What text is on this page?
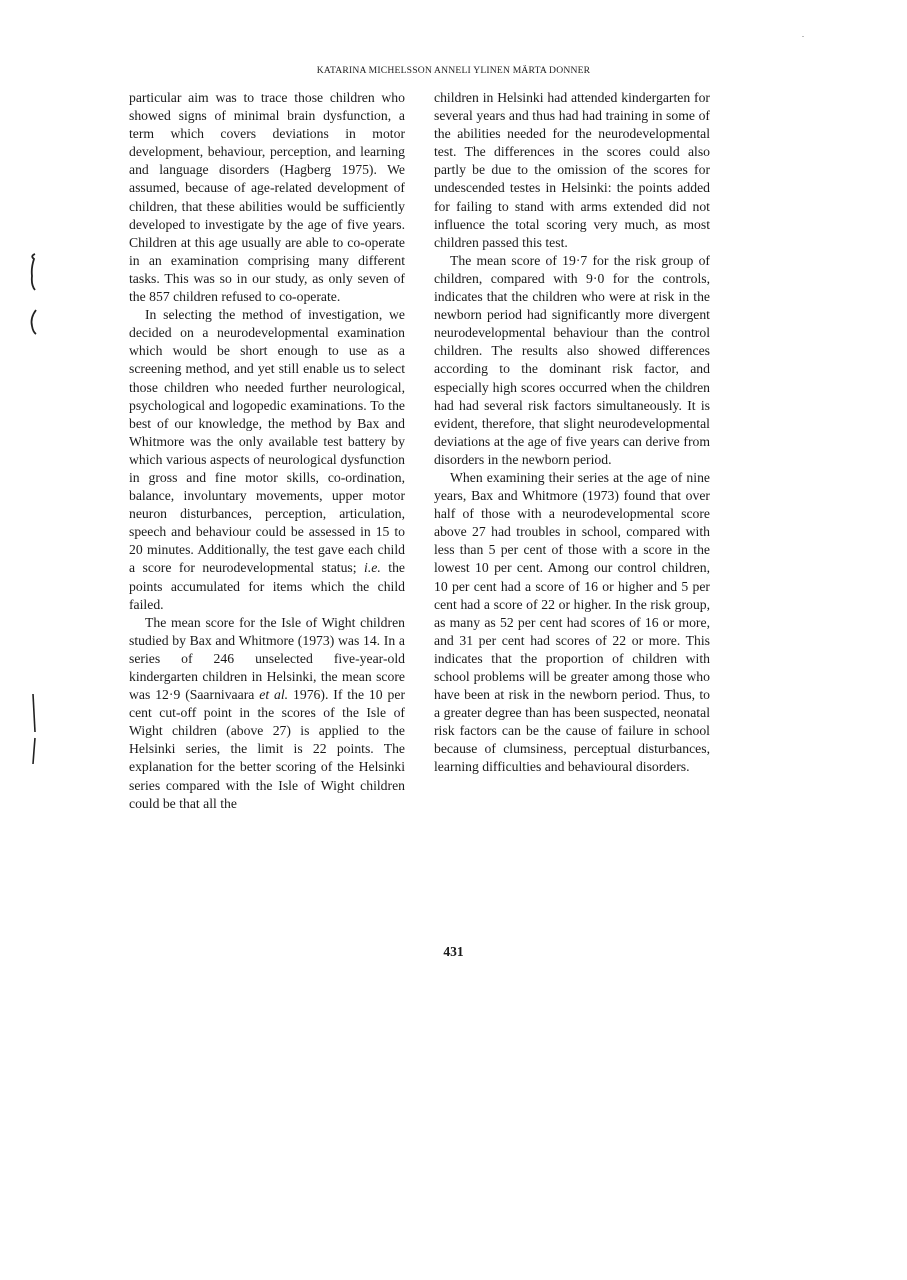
KATARINA MICHELSSON ANNELI YLINEN MÄRTA DONNER

particular aim was to trace those children who showed signs of minimal brain dysfunction, a term which covers deviations in motor development, behaviour, perception, and learning and language disorders (Hagberg 1975). We assumed, because of age-related development of children, that these abilities would be sufficiently developed to investigate by the age of five years. Children at this age usually are able to co-operate in an examination comprising many different tasks. This was so in our study, as only seven of the 857 children refused to co-operate.

In selecting the method of investigation, we decided on a neurodevelopmental examination which would be short enough to use as a screening method, and yet still enable us to select those children who needed further neurological, psychological and logopedic examinations. To the best of our knowledge, the method by Bax and Whitmore was the only available test battery by which various aspects of neurological dysfunction in gross and fine motor skills, co-ordination, balance, involuntary movements, upper motor neuron disturbances, perception, articulation, speech and behaviour could be assessed in 15 to 20 minutes. Additionally, the test gave each child a score for neurodevelopmental status; i.e. the points accumulated for items which the child failed.

The mean score for the Isle of Wight children studied by Bax and Whitmore (1973) was 14. In a series of 246 unselected five-year-old kindergarten children in Helsinki, the mean score was 12·9 (Saarnivaara et al. 1976). If the 10 per cent cut-off point in the scores of the Isle of Wight children (above 27) is applied to the Helsinki series, the limit is 22 points. The explanation for the better scoring of the Helsinki series compared with the Isle of Wight children could be that all the

children in Helsinki had attended kindergarten for several years and thus had had training in some of the abilities needed for the neurodevelopmental test. The differences in the scores could also partly be due to the omission of the scores for undescended testes in Helsinki: the points added for failing to stand with arms extended did not influence the total scoring very much, as most children passed this test.

The mean score of 19·7 for the risk group of children, compared with 9·0 for the controls, indicates that the children who were at risk in the newborn period had significantly more divergent neurodevelopmental behaviour than the control children. The results also showed differences according to the dominant risk factor, and especially high scores occurred when the children had had several risk factors simultaneously. It is evident, therefore, that slight neurodevelopmental deviations at the age of five years can derive from disorders in the newborn period.

When examining their series at the age of nine years, Bax and Whitmore (1973) found that over half of those with a neurodevelopmental score above 27 had troubles in school, compared with less than 5 per cent of those with a score in the lowest 10 per cent. Among our control children, 10 per cent had a score of 16 or higher and 5 per cent had a score of 22 or higher. In the risk group, as many as 52 per cent had scores of 16 or more, and 31 per cent had scores of 22 or more. This indicates that the proportion of children with school problems will be greater among those who have been at risk in the newborn period. Thus, to a greater degree than has been suspected, neonatal risk factors can be the cause of failure in school because of clumsiness, perceptual disturbances, learning difficulties and behavioural disorders.

431
